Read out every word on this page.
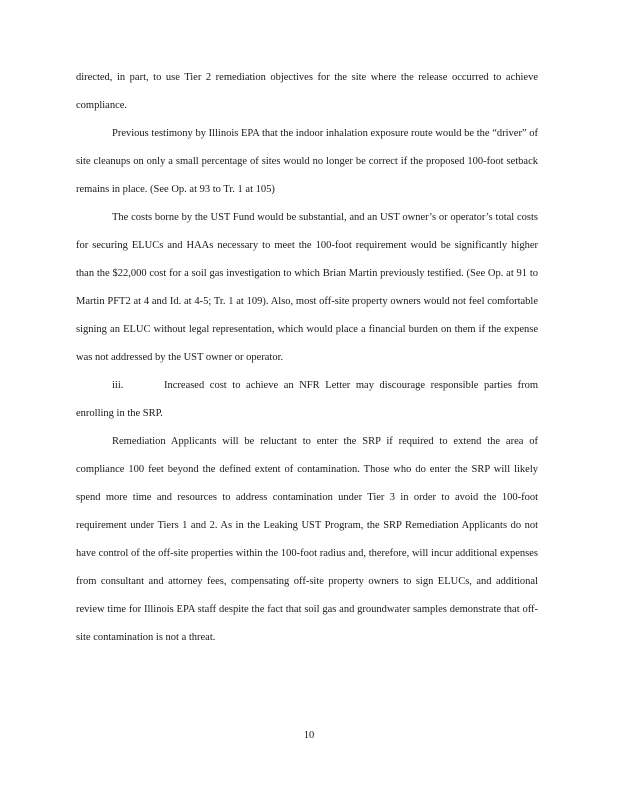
directed, in part, to use Tier 2 remediation objectives for the site where the release occurred to achieve compliance.

Previous testimony by Illinois EPA that the indoor inhalation exposure route would be the “driver” of site cleanups on only a small percentage of sites would no longer be correct if the proposed 100-foot setback remains in place. (See Op. at 93 to Tr. 1 at 105)

The costs borne by the UST Fund would be substantial, and an UST owner’s or operator’s total costs for securing ELUCs and HAAs necessary to meet the 100-foot requirement would be significantly higher than the $22,000 cost for a soil gas investigation to which Brian Martin previously testified. (See Op. at 91 to Martin PFT2 at 4 and Id. at 4-5; Tr. 1 at 109). Also, most off-site property owners would not feel comfortable signing an ELUC without legal representation, which would place a financial burden on them if the expense was not addressed by the UST owner or operator.

iii.	Increased cost to achieve an NFR Letter may discourage responsible parties from enrolling in the SRP.

Remediation Applicants will be reluctant to enter the SRP if required to extend the area of compliance 100 feet beyond the defined extent of contamination. Those who do enter the SRP will likely spend more time and resources to address contamination under Tier 3 in order to avoid the 100-foot requirement under Tiers 1 and 2. As in the Leaking UST Program, the SRP Remediation Applicants do not have control of the off-site properties within the 100-foot radius and, therefore, will incur additional expenses from consultant and attorney fees, compensating off-site property owners to sign ELUCs, and additional review time for Illinois EPA staff despite the fact that soil gas and groundwater samples demonstrate that off-site contamination is not a threat.

10
